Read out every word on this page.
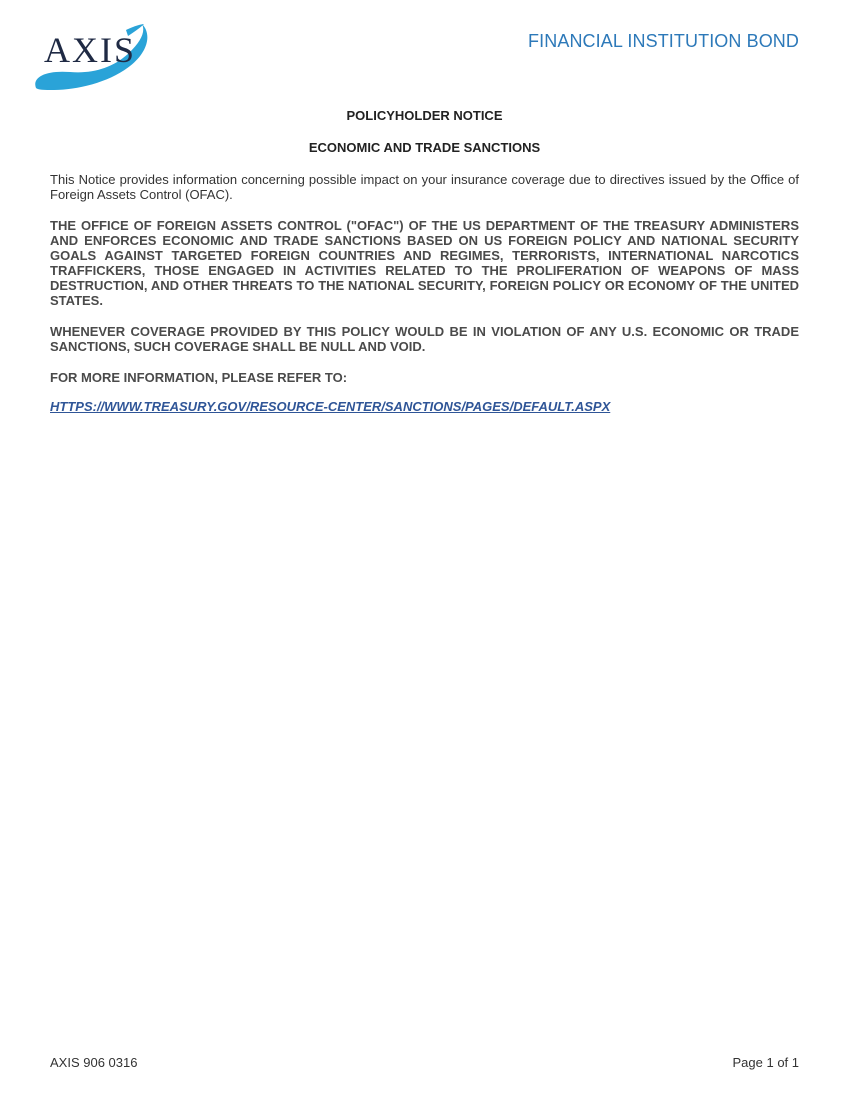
AXIS	FINANCIAL INSTITUTION BOND

POLICYHOLDER NOTICE

ECONOMIC AND TRADE SANCTIONS

This Notice provides information concerning possible impact on your insurance coverage due to directives issued by the Office of Foreign Assets Control (OFAC).

THE OFFICE OF FOREIGN ASSETS CONTROL ("OFAC") OF THE US DEPARTMENT OF THE TREASURY ADMINISTERS AND ENFORCES ECONOMIC AND TRADE SANCTIONS BASED ON US FOREIGN POLICY AND NATIONAL SECURITY GOALS AGAINST TARGETED FOREIGN COUNTRIES AND REGIMES, TERRORISTS, INTERNATIONAL NARCOTICS TRAFFICKERS, THOSE ENGAGED IN ACTIVITIES RELATED TO THE PROLIFERATION OF WEAPONS OF MASS DESTRUCTION, AND OTHER THREATS TO THE NATIONAL SECURITY, FOREIGN POLICY OR ECONOMY OF THE UNITED STATES.

WHENEVER COVERAGE PROVIDED BY THIS POLICY WOULD BE IN VIOLATION OF ANY U.S. ECONOMIC OR TRADE SANCTIONS, SUCH COVERAGE SHALL BE NULL AND VOID.

FOR MORE INFORMATION, PLEASE REFER TO:

HTTPS://WWW.TREASURY.GOV/RESOURCE-CENTER/SANCTIONS/PAGES/DEFAULT.ASPX

AXIS 906 0316	Page 1 of 1
